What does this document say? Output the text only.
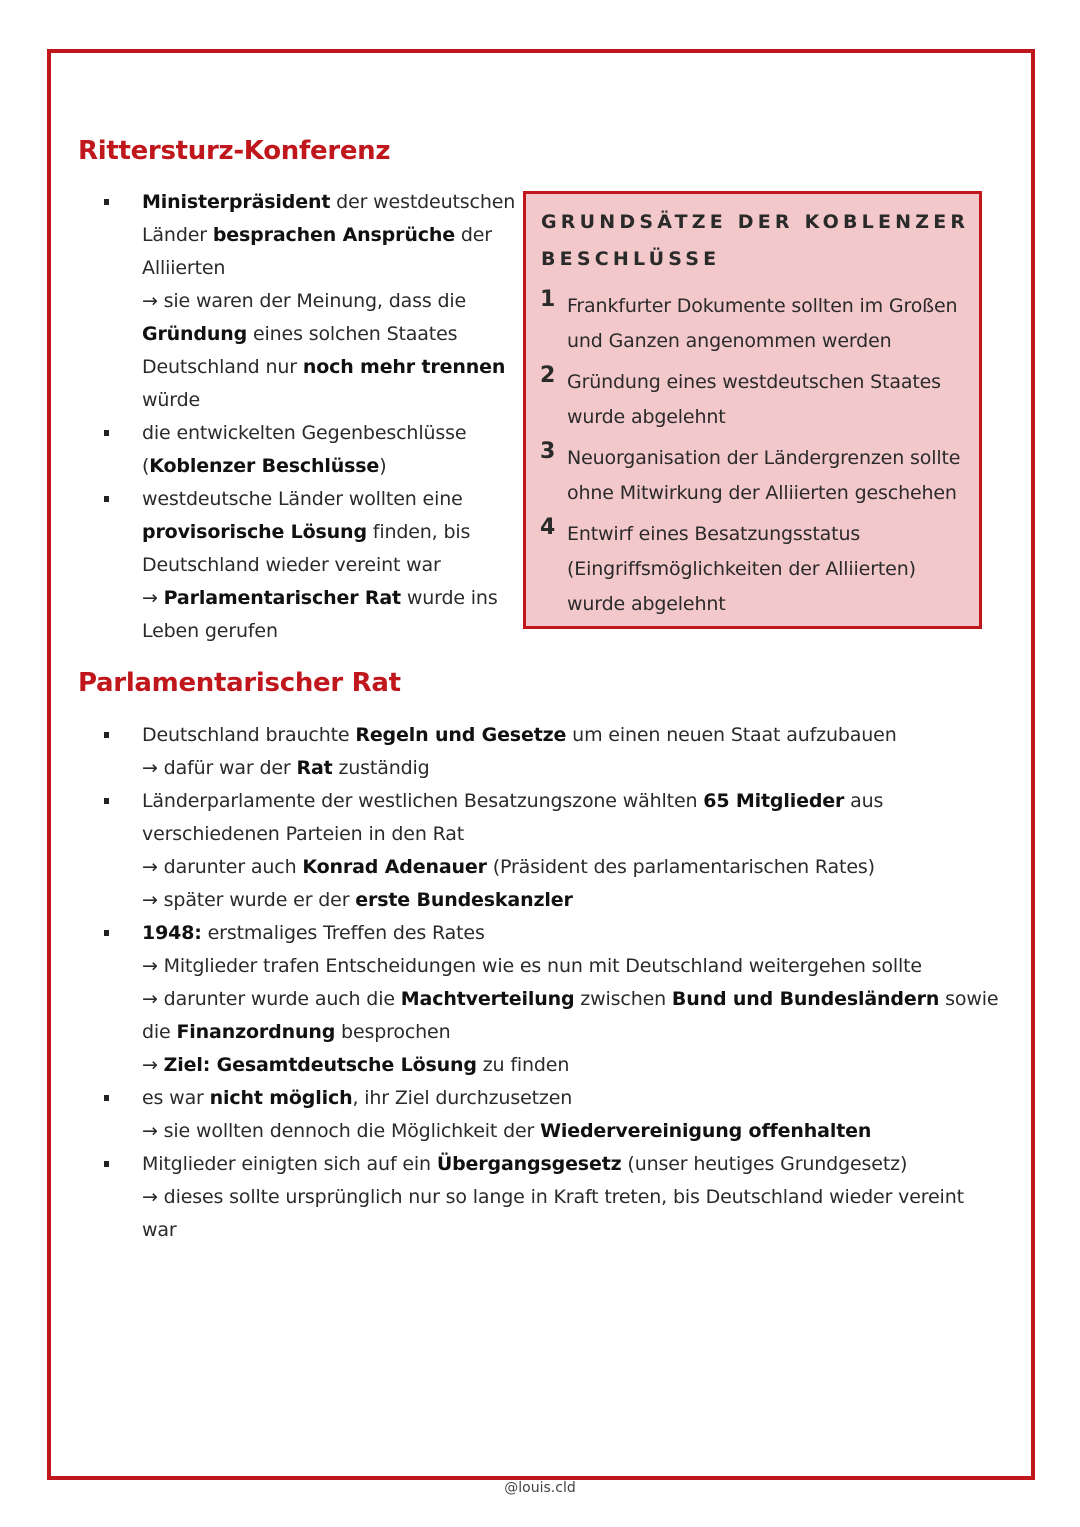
Rittersturz-Konferenz
Ministerpräsident der westdeutschen
Länder besprachen Ansprüche der
Alliierten
→ sie waren der Meinung, dass die
Gründung eines solchen Staates
Deutschland nur noch mehr trennen
würde
die entwickelten Gegenbeschlüsse
(Koblenzer Beschlüsse)
westdeutsche Länder wollten eine
provisorische Lösung finden, bis
Deutschland wieder vereint war
→ Parlamentarischer Rat wurde ins
Leben gerufen
GRUNDSÄTZE DER KOBLENZER
BESCHLÜSSE
1 Frankfurter Dokumente sollten im Großen
und Ganzen angenommen werden
2 Gründung eines westdeutschen Staates
wurde abgelehnt
3 Neuorganisation der Ländergrenzen sollte
ohne Mitwirkung der Alliierten geschehen
4 Entwirf eines Besatzungsstatus
(Eingriffsmöglichkeiten der Alliierten)
wurde abgelehnt
Parlamentarischer Rat
Deutschland brauchte Regeln und Gesetze um einen neuen Staat aufzubauen
→ dafür war der Rat zuständig
Länderparlamente der westlichen Besatzungszone wählten 65 Mitglieder aus
verschiedenen Parteien in den Rat
→ darunter auch Konrad Adenauer (Präsident des parlamentarischen Rates)
→ später wurde er der erste Bundeskanzler
1948: erstmaliges Treffen des Rates
→ Mitglieder trafen Entscheidungen wie es nun mit Deutschland weitergehen sollte
→ darunter wurde auch die Machtverteilung zwischen Bund und Bundesländern sowie
die Finanzordnung besprochen
→ Ziel: Gesamtdeutsche Lösung zu finden
es war nicht möglich, ihr Ziel durchzusetzen
→ sie wollten dennoch die Möglichkeit der Wiedervereinigung offenhalten
Mitglieder einigten sich auf ein Übergangsgesetz (unser heutiges Grundgesetz)
→ dieses sollte ursprünglich nur so lange in Kraft treten, bis Deutschland wieder vereint
war
@louis.cld
